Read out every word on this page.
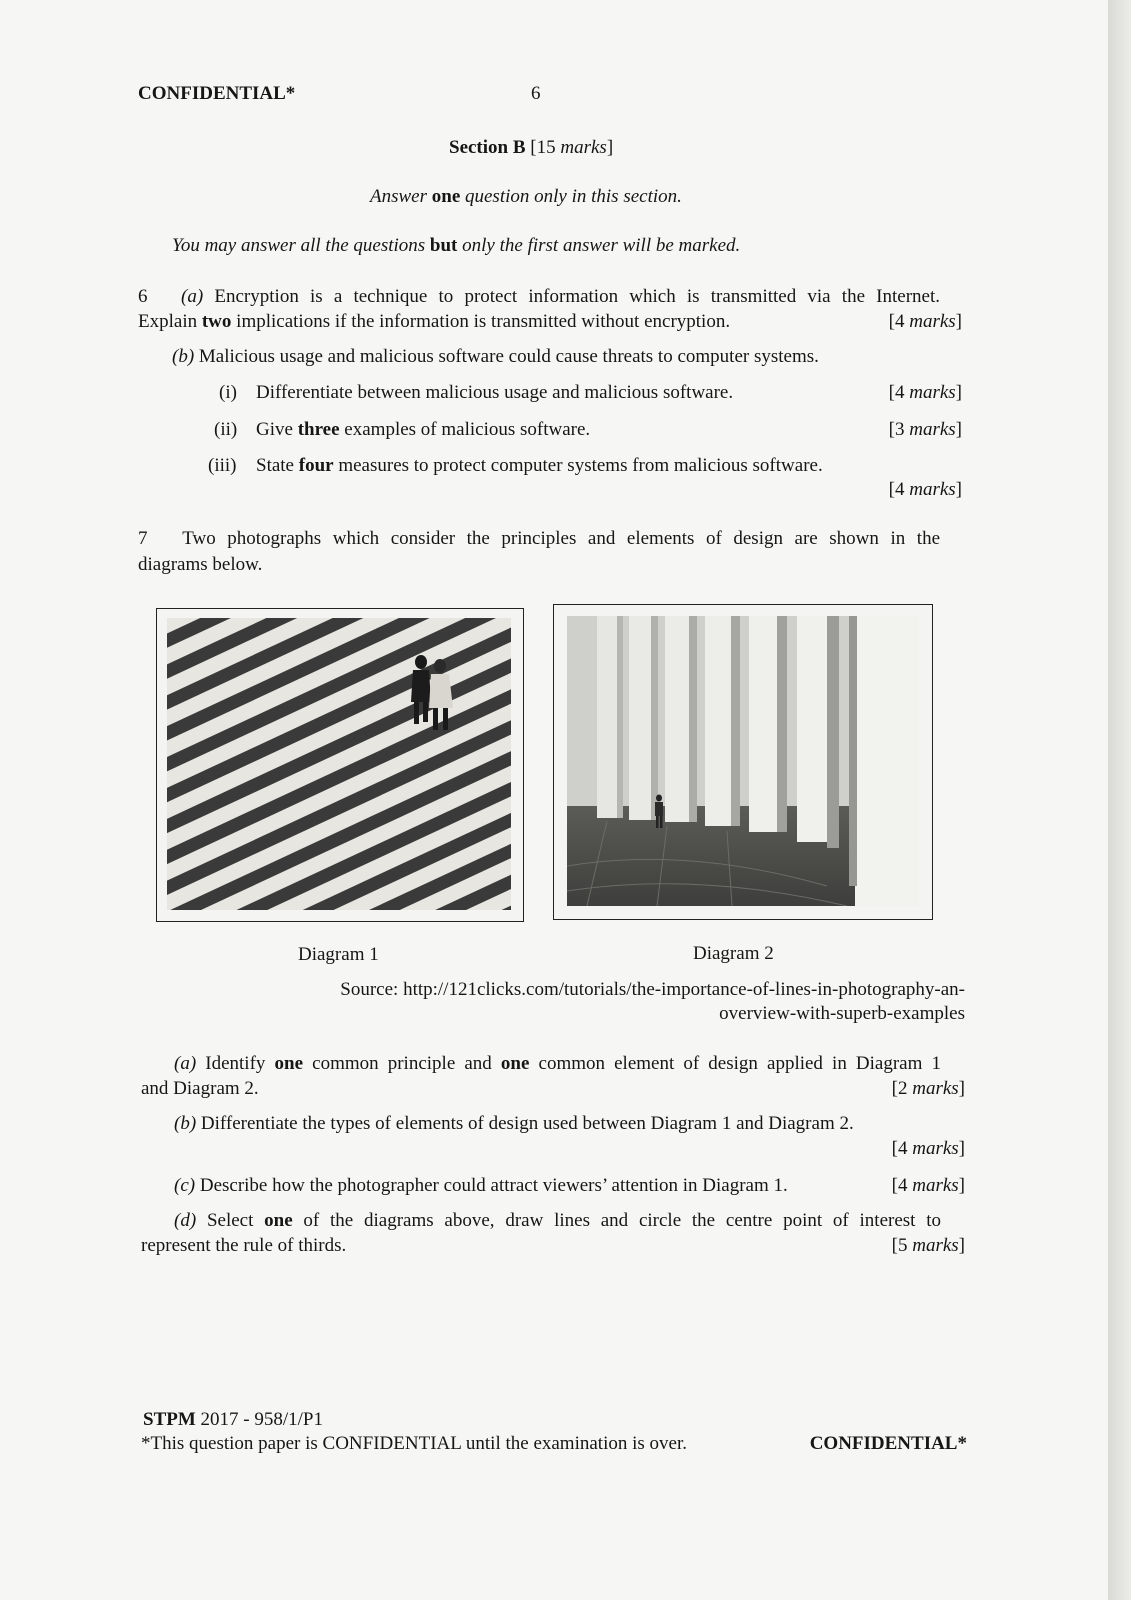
CONFIDENTIAL*	6
Section B [15 marks]
Answer one question only in this section.
You may answer all the questions but only the first answer will be marked.
6 (a) Encryption is a technique to protect information which is transmitted via the Internet.
Explain two implications if the information is transmitted without encryption.	[4 marks]
(b) Malicious usage and malicious software could cause threats to computer systems.
(i) Differentiate between malicious usage and malicious software.	[4 marks]
(ii) Give three examples of malicious software.	[3 marks]
(iii) State four measures to protect computer systems from malicious software.
[4 marks]
7 Two photographs which consider the principles and elements of design are shown in the
diagrams below.
Diagram 1	Diagram 2
Source: http://121clicks.com/tutorials/the-importance-of-lines-in-photography-an-
overview-with-superb-examples
(a) Identify one common principle and one common element of design applied in Diagram 1
and Diagram 2.	[2 marks]
(b) Differentiate the types of elements of design used between Diagram 1 and Diagram 2.
[4 marks]
(c) Describe how the photographer could attract viewers’ attention in Diagram 1.	[4 marks]
(d) Select one of the diagrams above, draw lines and circle the centre point of interest to
represent the rule of thirds.	[5 marks]
STPM 2017 - 958/1/P1
*This question paper is CONFIDENTIAL until the examination is over.	CONFIDENTIAL*
